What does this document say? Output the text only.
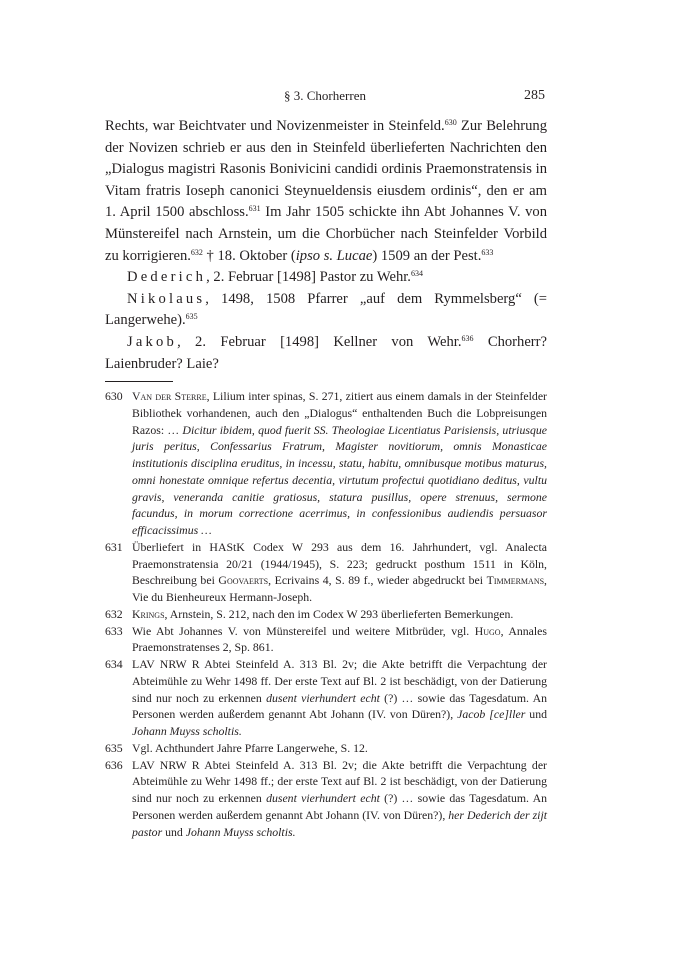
§ 3. Chorherren	285

Rechts, war Beichtvater und Novizenmeister in Steinfeld.$^{630}$ Zur Belehrung der Novizen schrieb er aus den in Steinfeld überlieferten Nachrichten den „Dialogus magistri Rasonis Bonivicini candidi ordinis Praemonstratensis in Vitam fratris Ioseph canonici Steynueldensis eiusdem ordinis“, den er am 1. April 1500 abschloss.$^{631}$ Im Jahr 1505 schickte ihn Abt Johannes V. von Münstereifel nach Arnstein, um die Chorbücher nach Steinfelder Vorbild zu korrigieren.$^{632}$ † 18. Oktober (ipso s. Lucae) 1509 an der Pest.$^{633}$

Dederich, 2. Februar [1498] Pastor zu Wehr.$^{634}$

Nikolaus, 1498, 1508 Pfarrer „auf dem Rymmelsberg“ (= Langerwehe).$^{635}$

Jakob, 2. Februar [1498] Kellner von Wehr.$^{636}$ Chorherr? Laienbruder? Laie?

630 Van der Sterre, Lilium inter spinas, S. 271, zitiert aus einem damals in der Steinfelder Bibliothek vorhandenen, auch den „Dialogus“ enthaltenden Buch die Lobpreisungen Razos: … Dicitur ibidem, quod fuerit SS. Theologiae Licentiatus Parisiensis, utriusque juris peritus, Confessarius Fratrum, Magister novitiorum, omnis Monasticae institutionis disciplina eruditus, in incessu, statu, habitu, omnibusque motibus maturus, omni honestate omnique refertus decentia, virtutum profectui quotidiano deditus, vultu gravis, veneranda canitie gratiosus, statura pusillus, opere strenuus, sermone facundus, in morum correctione acerrimus, in confessionibus audiendis persuasor efficacissimus …
631 Überliefert in HAStK Codex W 293 aus dem 16. Jahrhundert, vgl. Analecta Praemonstratensia 20/21 (1944/1945), S. 223; gedruckt posthum 1511 in Köln, Beschreibung bei Goovaerts, Ecrivains 4, S. 89 f., wieder abgedruckt bei Timmermans, Vie du Bienheureux Hermann-Joseph.
632 Krings, Arnstein, S. 212, nach den im Codex W 293 überlieferten Bemerkungen.
633 Wie Abt Johannes V. von Münstereifel und weitere Mitbrüder, vgl. Hugo, Annales Praemonstratenses 2, Sp. 861.
634 LAV NRW R Abtei Steinfeld A. 313 Bl. 2v; die Akte betrifft die Verpachtung der Abteimühle zu Wehr 1498 ff. Der erste Text auf Bl. 2 ist beschädigt, von der Datierung sind nur noch zu erkennen dusent vierhundert echt (?) … sowie das Tagesdatum. An Personen werden außerdem genannt Abt Johann (IV. von Düren?), Jacob [ce]ller und Johann Muyss scholtis.
635 Vgl. Achthundert Jahre Pfarre Langerwehe, S. 12.
636 LAV NRW R Abtei Steinfeld A. 313 Bl. 2v; die Akte betrifft die Verpachtung der Abteimühle zu Wehr 1498 ff.; der erste Text auf Bl. 2 ist beschädigt, von der Datierung sind nur noch zu erkennen dusent vierhundert echt (?) … sowie das Tagesdatum. An Personen werden außerdem genannt Abt Johann (IV. von Düren?), her Dederich der zijt pastor und Johann Muyss scholtis.
